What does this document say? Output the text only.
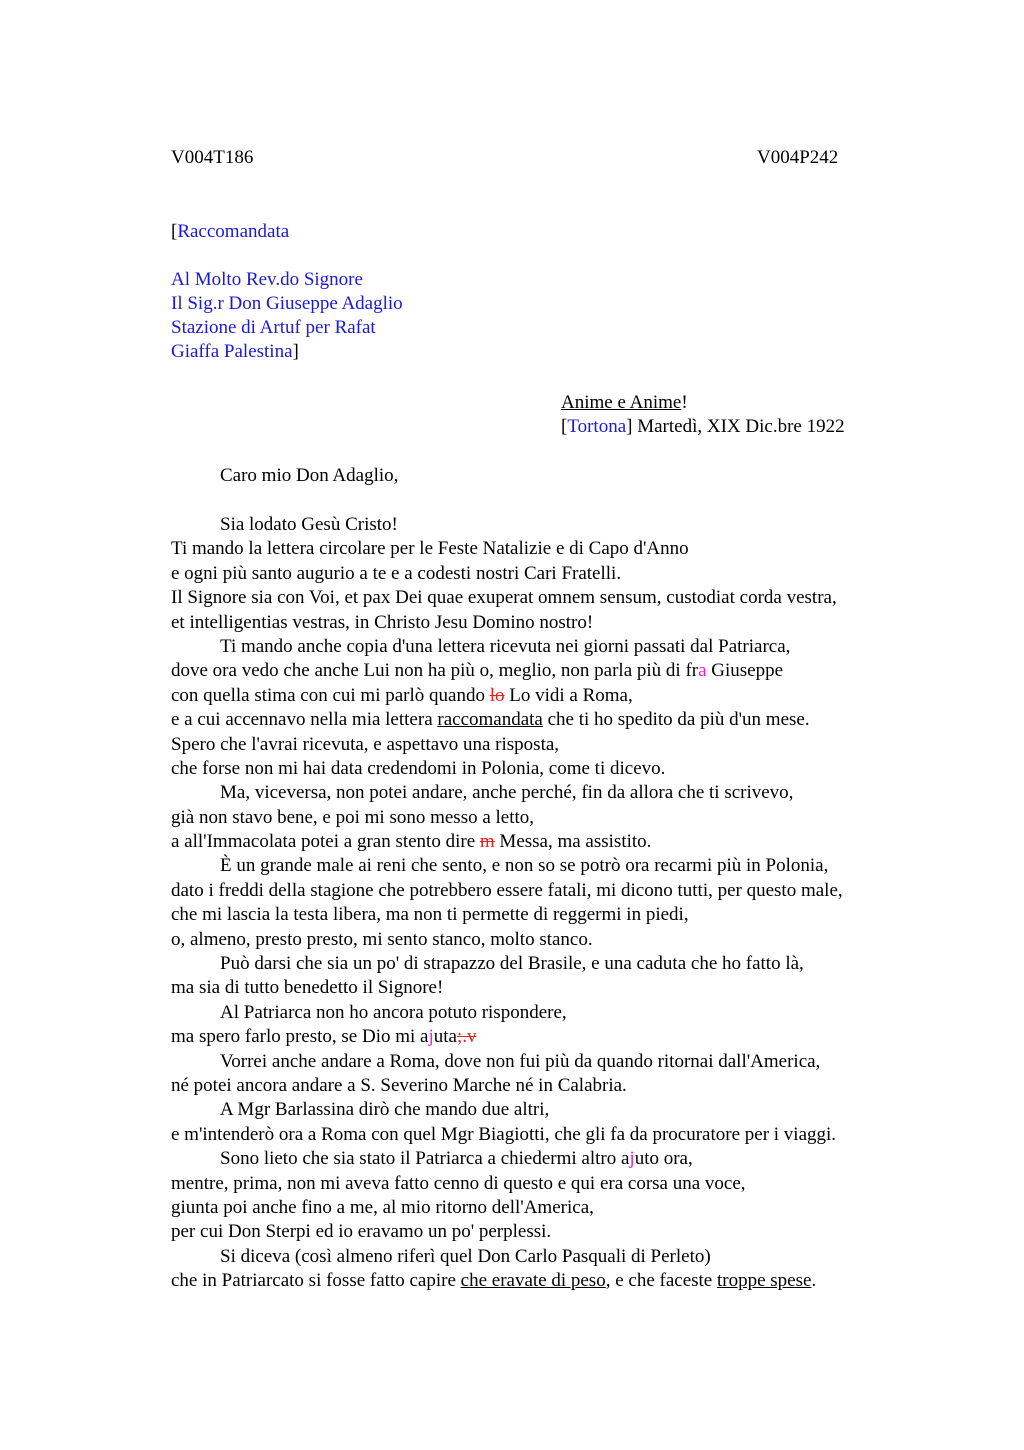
V004T186	V004P242
[Raccomandata
Al Molto Rev.do Signore
Il Sig.r Don Giuseppe Adaglio
Stazione di Artuf per Rafat
Giaffa Palestina]
Anime e Anime!
[Tortona] Martedì, XIX Dic.bre 1922
Caro mio Don Adaglio,
Sia lodato Gesù Cristo!
Ti mando la lettera circolare per le Feste Natalizie e di Capo d'Anno
e ogni più santo augurio a te e a codesti nostri Cari Fratelli.
Il Signore sia con Voi, et pax Dei quae exuperat omnem sensum, custodiat corda vestra,
et intelligentias vestras, in Christo Jesu Domino nostro!
Ti mando anche copia d'una lettera ricevuta nei giorni passati dal Patriarca,
dove ora vedo che anche Lui non ha più o, meglio, non parla più di fra Giuseppe
con quella stima con cui mi parlò quando lo Lo vidi a Roma,
e a cui accennavo nella mia lettera raccomandata che ti ho spedito da più d'un mese.
Spero che l'avrai ricevuta, e aspettavo una risposta,
che forse non mi hai data credendomi in Polonia, come ti dicevo.
Ma, viceversa, non potei andare, anche perché, fin da allora che ti scrivevo,
già non stavo bene, e poi mi sono messo a letto,
a all'Immacolata potei a gran stento dire m Messa, ma assistito.
È un grande male ai reni che sento, e non so se potrò ora recarmi più in Polonia,
dato i freddi della stagione che potrebbero essere fatali, mi dicono tutti, per questo male,
che mi lascia la testa libera, ma non ti permette di reggermi in piedi,
o, almeno, presto presto, mi sento stanco, molto stanco.
Può darsi che sia un po' di strapazzo del Brasile, e una caduta che ho fatto là,
ma sia di tutto benedetto il Signore!
Al Patriarca non ho ancora potuto rispondere,
ma spero farlo presto, se Dio mi ajuta;.v
Vorrei anche andare a Roma, dove non fui più da quando ritornai dall'America,
né potei ancora andare a S. Severino Marche né in Calabria.
A Mgr Barlassina dirò che mando due altri,
e m'intenderò ora a Roma con quel Mgr Biagiotti, che gli fa da procuratore per i viaggi.
Sono lieto che sia stato il Patriarca a chiedermi altro ajuto ora,
mentre, prima, non mi aveva fatto cenno di questo e qui era corsa una voce,
giunta poi anche fino a me, al mio ritorno dell'America,
per cui Don Sterpi ed io eravamo un po' perplessi.
Si diceva (così almeno riferì quel Don Carlo Pasquali di Perleto)
che in Patriarcato si fosse fatto capire che eravate di peso, e che faceste troppe spese.
